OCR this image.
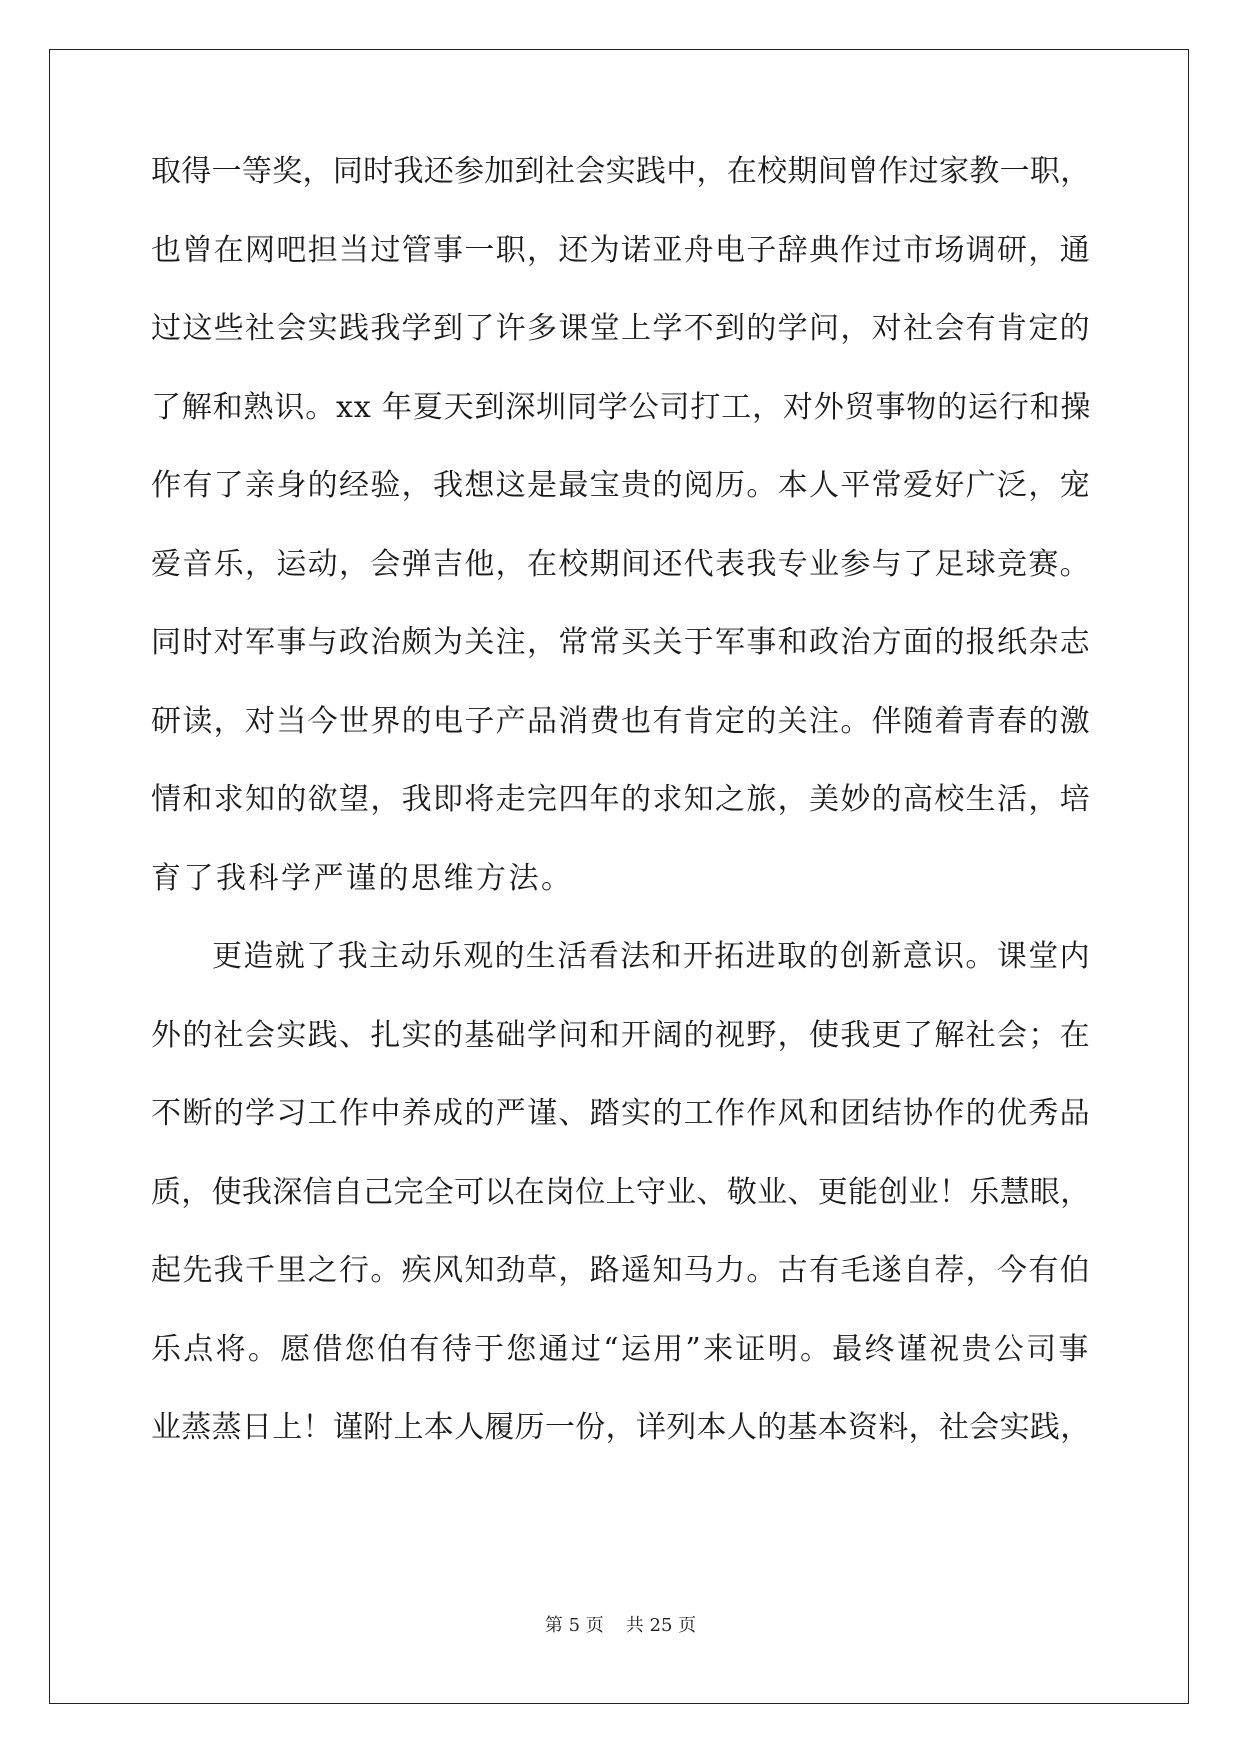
取得一等奖，同时我还参加到社会实践中，在校期间曾作过家教一职，
也曾在网吧担当过管事一职，还为诺亚舟电子辞典作过市场调研，通
过这些社会实践我学到了许多课堂上学不到的学问，对社会有肯定的
了解和熟识。xx 年夏天到深圳同学公司打工，对外贸事物的运行和操
作有了亲身的经验，我想这是最宝贵的阅历。本人平常爱好广泛，宠
爱音乐，运动，会弹吉他，在校期间还代表我专业参与了足球竞赛。
同时对军事与政治颇为关注，常常买关于军事和政治方面的报纸杂志
研读，对当今世界的电子产品消费也有肯定的关注。伴随着青春的激
情和求知的欲望，我即将走完四年的求知之旅，美妙的高校生活，培
育了我科学严谨的思维方法。
更造就了我主动乐观的生活看法和开拓进取的创新意识。课堂内
外的社会实践、扎实的基础学问和开阔的视野，使我更了解社会；在
不断的学习工作中养成的严谨、踏实的工作作风和团结协作的优秀品
质，使我深信自己完全可以在岗位上守业、敬业、更能创业！乐慧眼，
起先我千里之行。疾风知劲草，路遥知马力。古有毛遂自荐，今有伯
乐点将。愿借您伯有待于您通过“运用”来证明。最终谨祝贵公司事
业蒸蒸日上！谨附上本人履历一份，详列本人的基本资料，社会实践，
第 5 页 共 25 页
